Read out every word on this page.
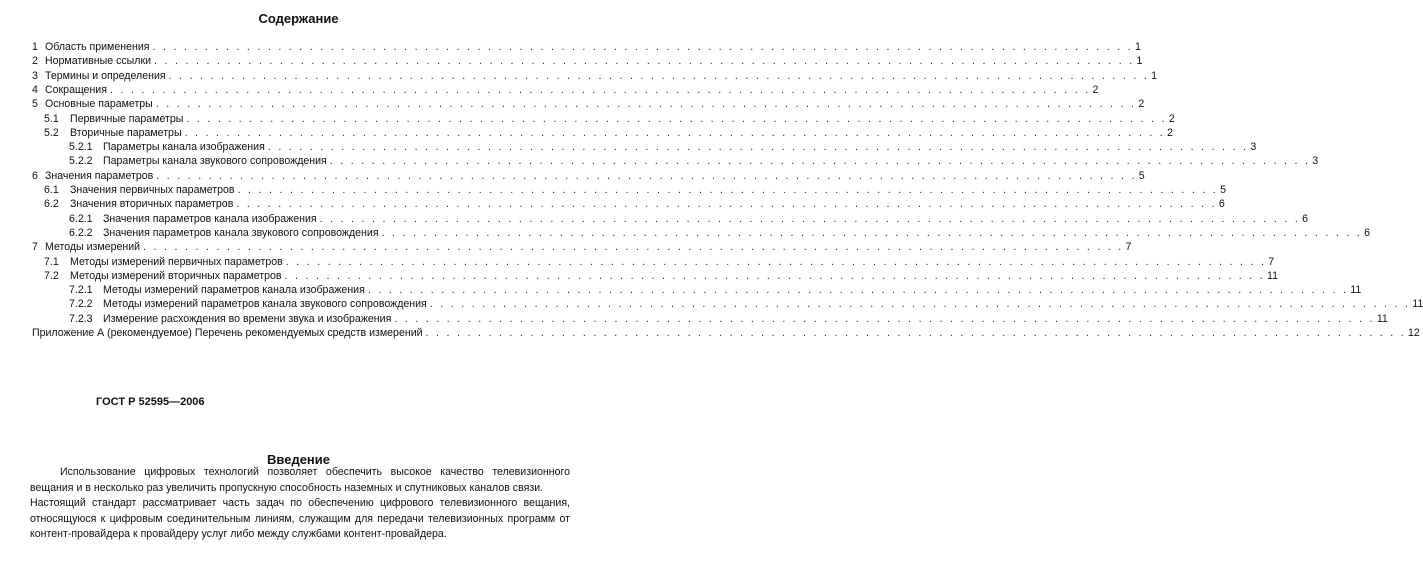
Содержание
1 Область применения . . . . . . . . . . . . . . . . . . . . . . . . . . . . . . . . . . . . . . . . . . . . . . . . . . . . . . . . . . . . . . . . . . . . . . . . . . . . . . . . . . . . . . . . . . . . . . 1
2 Нормативные ссылки . . . . . . . . . . . . . . . . . . . . . . . . . . . . . . . . . . . . . . . . . . . . . . . . . . . . . . . . . . . . . . . . . . . . . . . . . . . . . . . . . . . . . . . . . . . . . . 1
3 Термины и определения . . . . . . . . . . . . . . . . . . . . . . . . . . . . . . . . . . . . . . . . . . . . . . . . . . . . . . . . . . . . . . . . . . . . . . . . . . . . . . . . . . . . . . . . . . . . . . 1
4 Сокращения . . . . . . . . . . . . . . . . . . . . . . . . . . . . . . . . . . . . . . . . . . . . . . . . . . . . . . . . . . . . . . . . . . . . . . . . . . . . . . . . . . . . . . . . . . . . . . 2
5 Основные параметры . . . . . . . . . . . . . . . . . . . . . . . . . . . . . . . . . . . . . . . . . . . . . . . . . . . . . . . . . . . . . . . . . . . . . . . . . . . . . . . . . . . . . . . . . . . . . . 2
5.1 Первичные параметры . . . . . . . . . . . . . . . . . . . . . . . . . . . . . . . . . . . . . . . . . . . . . . . . . . . . . . . . . . . . . . . . . . . . . . . . . . . . . . . . . . . . . . . . . . . . . . 2
5.2 Вторичные параметры . . . . . . . . . . . . . . . . . . . . . . . . . . . . . . . . . . . . . . . . . . . . . . . . . . . . . . . . . . . . . . . . . . . . . . . . . . . . . . . . . . . . . . . . . . . . . . 2
5.2.1 Параметры канала изображения . . . . . . . . . . . . . . . . . . . . . . . . . . . . . . . . . . . . . . . . . . . . . . . . . . . . . . . . . . . . . . . . . . . . . . . . . . . . . . . . . . . . . . . . . . . . . . 3
5.2.2 Параметры канала звукового сопровождения . . . . . . . . . . . . . . . . . . . . . . . . . . . . . . . . . . . . . . . . . . . . . . . . . . . . . . . . . . . . . . . . . . . . . . . . . . . . . . . . . . . . . . . . . . . . . . 3
6 Значения параметров . . . . . . . . . . . . . . . . . . . . . . . . . . . . . . . . . . . . . . . . . . . . . . . . . . . . . . . . . . . . . . . . . . . . . . . . . . . . . . . . . . . . . . . . . . . . . . 5
6.1 Значения первичных параметров . . . . . . . . . . . . . . . . . . . . . . . . . . . . . . . . . . . . . . . . . . . . . . . . . . . . . . . . . . . . . . . . . . . . . . . . . . . . . . . . . . . . . . . . . . . . . . 5
6.2 Значения вторичных параметров . . . . . . . . . . . . . . . . . . . . . . . . . . . . . . . . . . . . . . . . . . . . . . . . . . . . . . . . . . . . . . . . . . . . . . . . . . . . . . . . . . . . . . . . . . . . . . 6
6.2.1 Значения параметров канала изображения . . . . . . . . . . . . . . . . . . . . . . . . . . . . . . . . . . . . . . . . . . . . . . . . . . . . . . . . . . . . . . . . . . . . . . . . . . . . . . . . . . . . . . . . . . . . . . 6
6.2.2 Значения параметров канала звукового сопровождения . . . . . . . . . . . . . . . . . . . . . . . . . . . . . . . . . . . . . . . . . . . . . . . . . . . . . . . . . . . . . . . . . . . . . . . . . . . . . . . . . . . . . . . . . . . . . . 6
7 Методы измерений . . . . . . . . . . . . . . . . . . . . . . . . . . . . . . . . . . . . . . . . . . . . . . . . . . . . . . . . . . . . . . . . . . . . . . . . . . . . . . . . . . . . . . . . . . . . . . 7
7.1 Методы измерений первичных параметров . . . . . . . . . . . . . . . . . . . . . . . . . . . . . . . . . . . . . . . . . . . . . . . . . . . . . . . . . . . . . . . . . . . . . . . . . . . . . . . . . . . . . . . . . . . . . . 7
7.2 Методы измерений вторичных параметров . . . . . . . . . . . . . . . . . . . . . . . . . . . . . . . . . . . . . . . . . . . . . . . . . . . . . . . . . . . . . . . . . . . . . . . . . . . . . . . . . . . . . . . . . . . . . . 11
7.2.1 Методы измерений параметров канала изображения . . . . . . . . . . . . . . . . . . . . . . . . . . . . . . . . . . . . . . . . . . . . . . . . . . . . . . . . . . . . . . . . . . . . . . . . . . . . . . . . . . . . . . . . . . . . . . 11
7.2.2 Методы измерений параметров канала звукового сопровождения . . . . . . . . . . . . . . . . . . . . . . . . . . . . . . . . . . . . . . . . . . . . . . . . . . . . . . . . . . . . . . . . . . . . . . . . . . . . . . . . . . . . . . . . . . . . . . 11
7.2.3 Измерение расхождения во времени звука и изображения . . . . . . . . . . . . . . . . . . . . . . . . . . . . . . . . . . . . . . . . . . . . . . . . . . . . . . . . . . . . . . . . . . . . . . . . . . . . . . . . . . . . . . . . . . . . . . 11
Приложение А (рекомендуемое) Перечень рекомендуемых средств измерений . . . . . . . . . . . . . . . . . . . . . . . . . . . . . . . . . . . . . . . . . . . . . . . . . . . . . . . . . . . . . . . . . . . . . . . . . . . . . . . . . . . . . . . . . . . . . . 12
ГОСТ Р 52595—2006
Введение

Использование цифровых технологий позволяет обеспечить высокое качество телевизионного вещания и в несколько раз увеличить пропускную способность наземных и спутниковых каналов связи.

Настоящий стандарт рассматривает часть задач по обеспечению цифрового телевизионного вещания, относящуюся к цифровым соединительным линиям, служащим для передачи телевизионных программ от контент-провайдера к провайдеру услуг либо между службами контент-провайдера.
